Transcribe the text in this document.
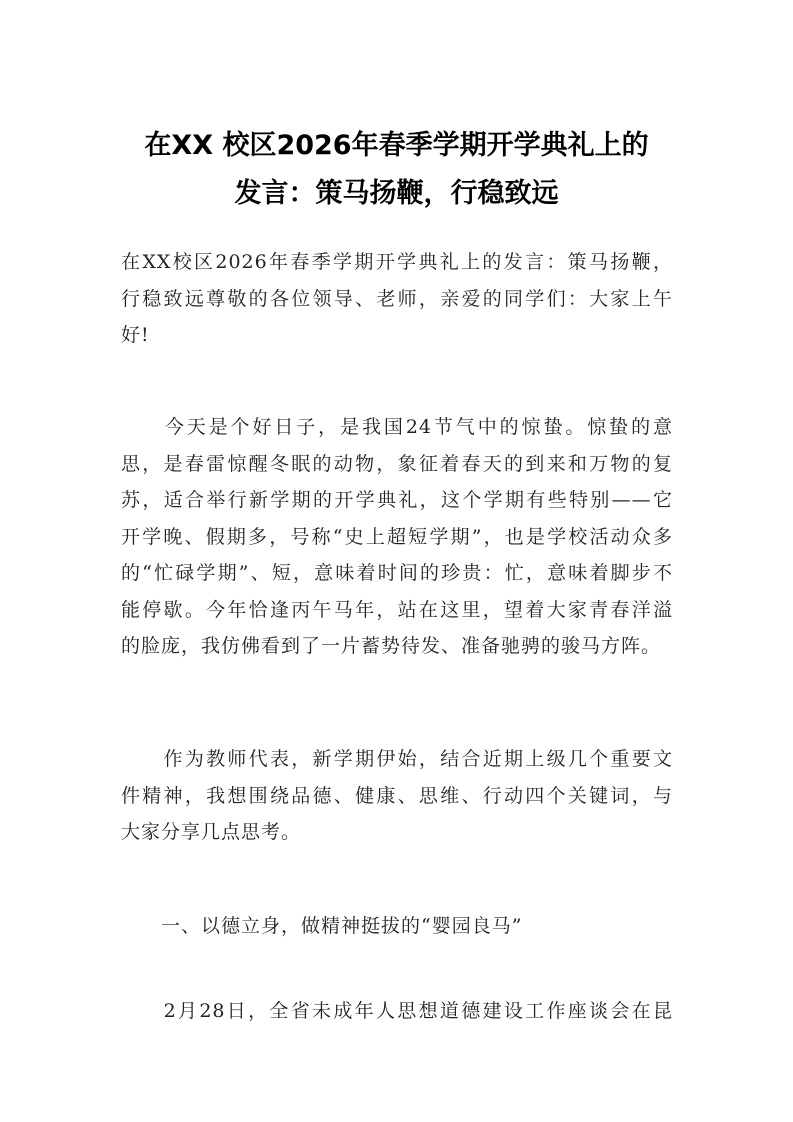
在XX 校区2026年春季学期开学典礼上的
发言：策马扬鞭，行稳致远
在XX校区2026年春季学期开学典礼上的发言：策马扬鞭，
行稳致远尊敬的各位领导、老师，亲爱的同学们：大家上午
好!
　　今天是个好日子，是我国24节气中的惊蛰。惊蛰的意
思，是春雷惊醒冬眠的动物，象征着春天的到来和万物的复
苏，适合举行新学期的开学典礼，这个学期有些特别——它
开学晚、假期多，号称“史上超短学期”，也是学校活动众多
的“忙碌学期”、短，意味着时间的珍贵：忙，意味着脚步不
能停歇。今年恰逢丙午马年，站在这里，望着大家青春洋溢
的脸庞，我仿佛看到了一片蓄势待发、准备驰骋的骏马方阵。
　　作为教师代表，新学期伊始，结合近期上级几个重要文
件精神，我想围绕品德、健康、思维、行动四个关键词，与
大家分享几点思考。
　　一、以德立身，做精神挺拔的“婴园良马”
　　2月28日，全省未成年人思想道德建设工作座谈会在昆
